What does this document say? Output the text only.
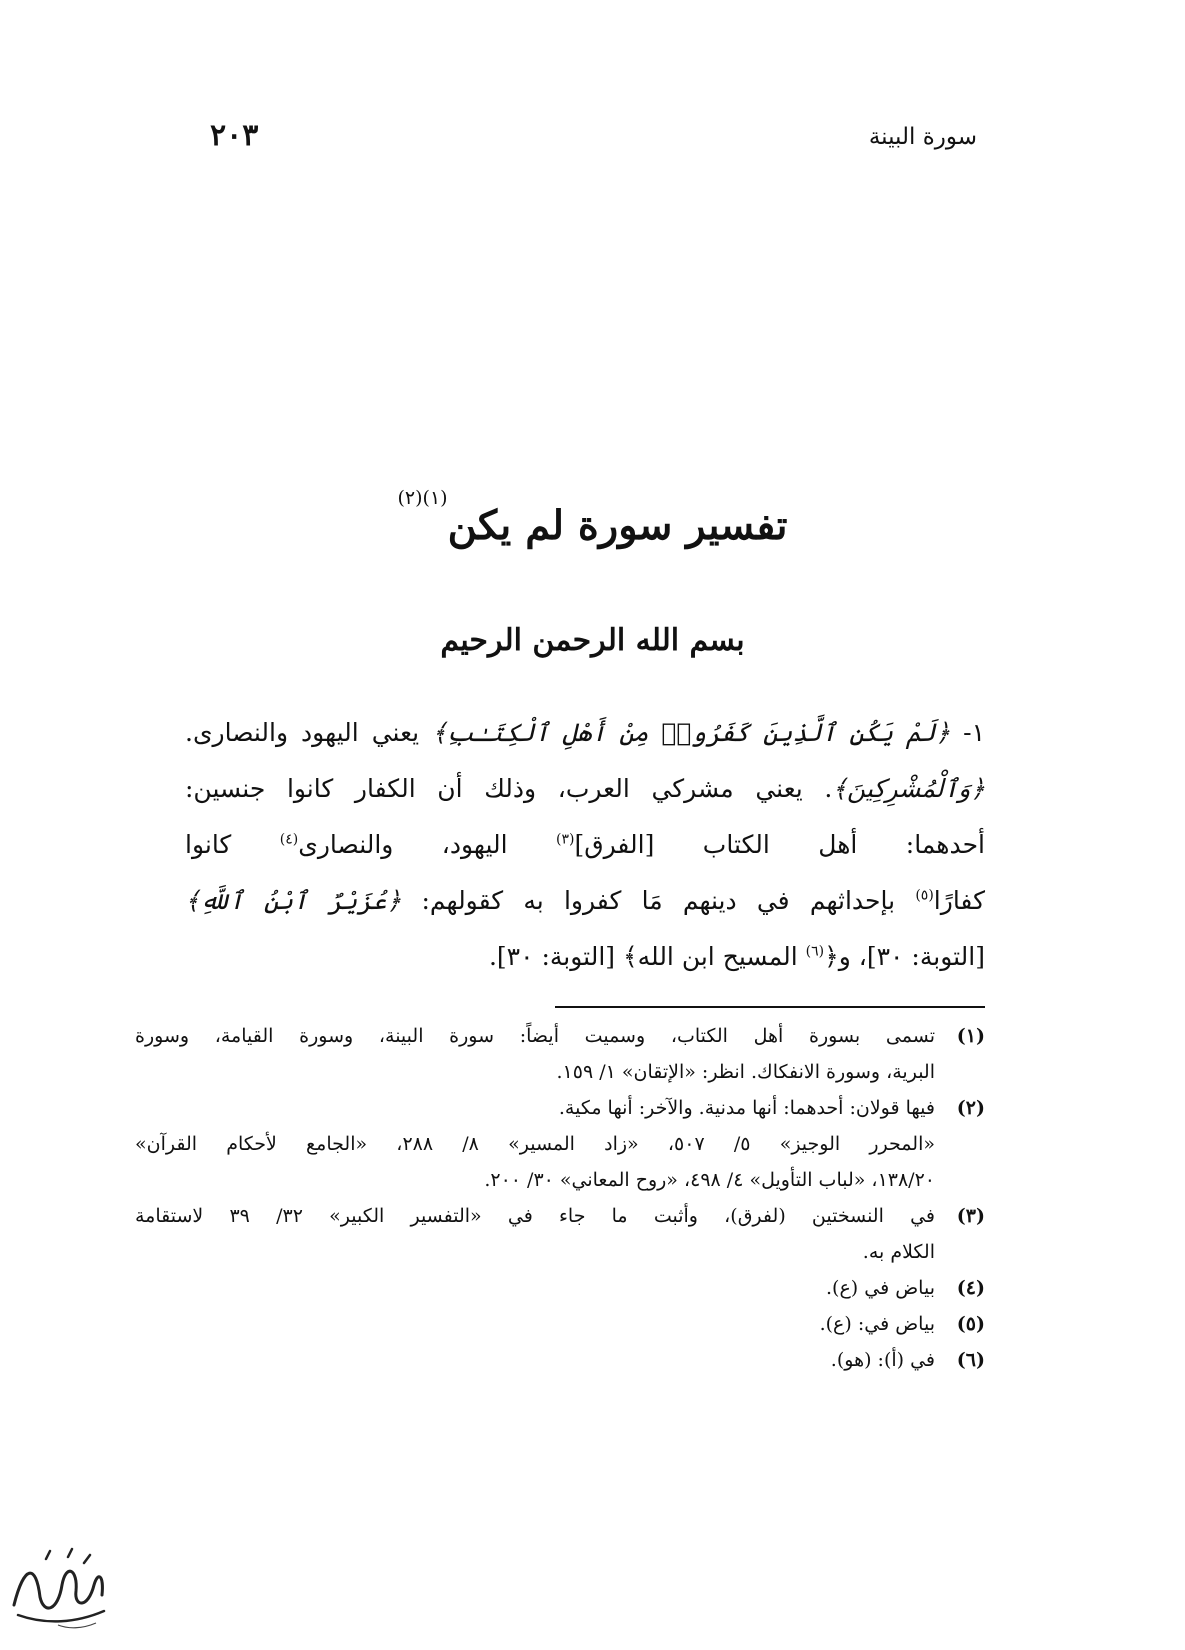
٢٠٣	سورة البينة
تفسير سورة لم يكن$^{(١)(٢)}$
بسم الله الرحمن الرحيم
١- ﴿لَمْ يَكُنِ ٱلَّذِينَ كَفَرُوا۟ مِنْ أَهْلِ ٱلْكِتَـٰبِ﴾ يعني اليهود والنصارى.
﴿وَٱلْمُشْرِكِينَ﴾. يعني مشركي العرب، وذلك أن الكفار كانوا جنسين:
أحدهما: أهل الكتاب [الفرق]$^{(٣)}$ اليهود، والنصارى$^{(٤)}$ كانوا
كفارًا$^{(٥)}$ بإحداثهم في دينهم مَا كفروا به كقولهم: ﴿عُزَيْرٌ ٱبْنُ ٱللَّهِ﴾
[التوبة: ٣٠]، و﴿$^{(٦)}$ المسيح ابن الله﴾ [التوبة: ٣٠].
(١)
تسمى بسورة أهل الكتاب، وسميت أيضاً: سورة البينة، وسورة القيامة، وسورة
البرية، وسورة الانفكاك. انظر: «الإتقان» ١/ ١٥٩.
(٢)
فيها قولان: أحدهما: أنها مدنية. والآخر: أنها مكية.
«المحرر الوجيز» ٥/ ٥٠٧، «زاد المسير» ٨/ ٢٨٨، «الجامع لأحكام القرآن»
١٣٨/٢٠، «لباب التأويل» ٤/ ٤٩٨، «روح المعاني» ٣٠/ ٢٠٠.
(٣)
في النسختين (لفرق)، وأثبت ما جاء في «التفسير الكبير» ٣٢/ ٣٩ لاستقامة
الكلام به.
(٤)
بياض في (ع).
(٥)
بياض في: (ع).
(٦)
في (أ): (هو).
